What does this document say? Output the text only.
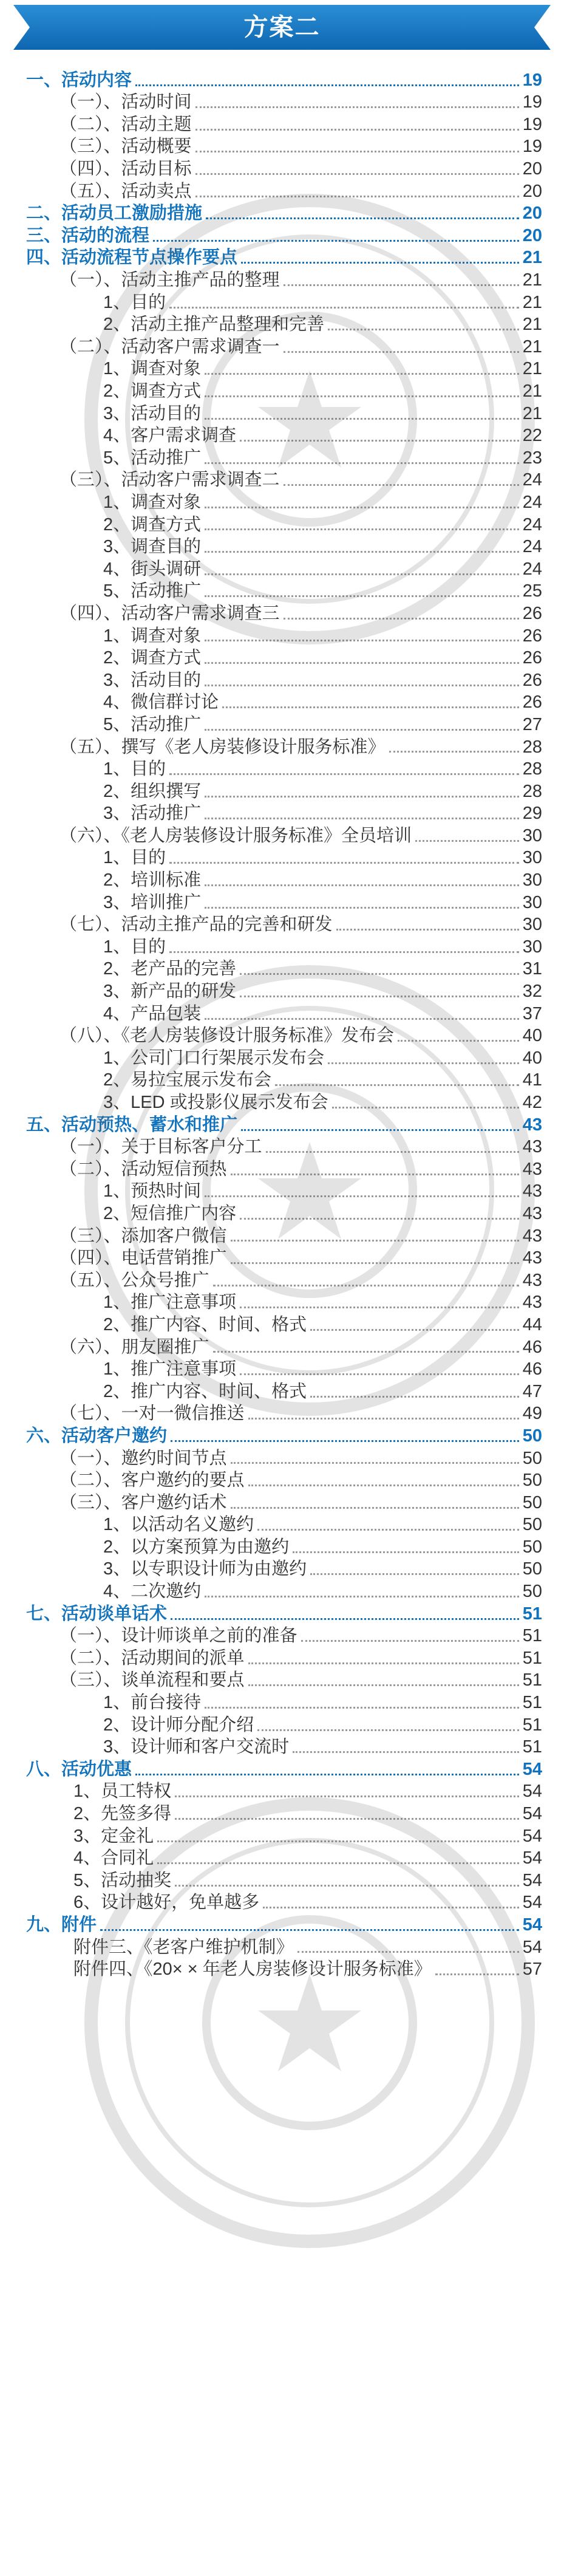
方案二
一、活动内容	19
（一）、活动时间	19
（二）、活动主题	19
（三）、活动概要	19
（四）、活动目标	20
（五）、活动卖点	20
二、活动员工激励措施	20
三、活动的流程	20
四、活动流程节点操作要点	21
（一）、活动主推产品的整理	21
1、目的	21
2、活动主推产品整理和完善	21
（二）、活动客户需求调查一	21
1、调查对象	21
2、调查方式	21
3、活动目的	21
4、客户需求调查	22
5、活动推广	23
（三）、活动客户需求调查二	24
1、调查对象	24
2、调查方式	24
3、调查目的	24
4、街头调研	24
5、活动推广	25
（四）、活动客户需求调查三	26
1、调查对象	26
2、调查方式	26
3、活动目的	26
4、微信群讨论	26
5、活动推广	27
（五）、撰写《老人房装修设计服务标准》	28
1、目的	28
2、组织撰写	28
3、活动推广	29
（六）、《老人房装修设计服务标准》全员培训	30
1、目的	30
2、培训标准	30
3、培训推广	30
（七）、活动主推产品的完善和研发	30
1、目的	30
2、老产品的完善	31
3、新产品的研发	32
4、产品包装	37
（八）、《老人房装修设计服务标准》发布会	40
1、公司门口行架展示发布会	40
2、易拉宝展示发布会	41
3、LED 或投影仪展示发布会	42
五、活动预热、蓄水和推广	43
（一）、关于目标客户分工	43
（二）、活动短信预热	43
1、预热时间	43
2、短信推广内容	43
（三）、添加客户微信	43
（四）、电话营销推广	43
（五）、公众号推广	43
1、推广注意事项	43
2、推广内容、时间、格式	44
（六）、朋友圈推广	46
1、推广注意事项	46
2、推广内容、时间、格式	47
（七）、一对一微信推送	49
六、活动客户邀约	50
（一）、邀约时间节点	50
（二）、客户邀约的要点	50
（三）、客户邀约话术	50
1、以活动名义邀约	50
2、以方案预算为由邀约	50
3、以专职设计师为由邀约	50
4、二次邀约	50
七、活动谈单话术	51
（一）、设计师谈单之前的准备	51
（二）、活动期间的派单	51
（三）、谈单流程和要点	51
1、前台接待	51
2、设计师分配介绍	51
3、设计师和客户交流时	51
八、活动优惠	54
1、员工特权	54
2、先签多得	54
3、定金礼	54
4、合同礼	54
5、活动抽奖	54
6、设计越好，免单越多	54
九、附件	54
附件三、《老客户维护机制》	54
附件四、《20× × 年老人房装修设计服务标准》	57
